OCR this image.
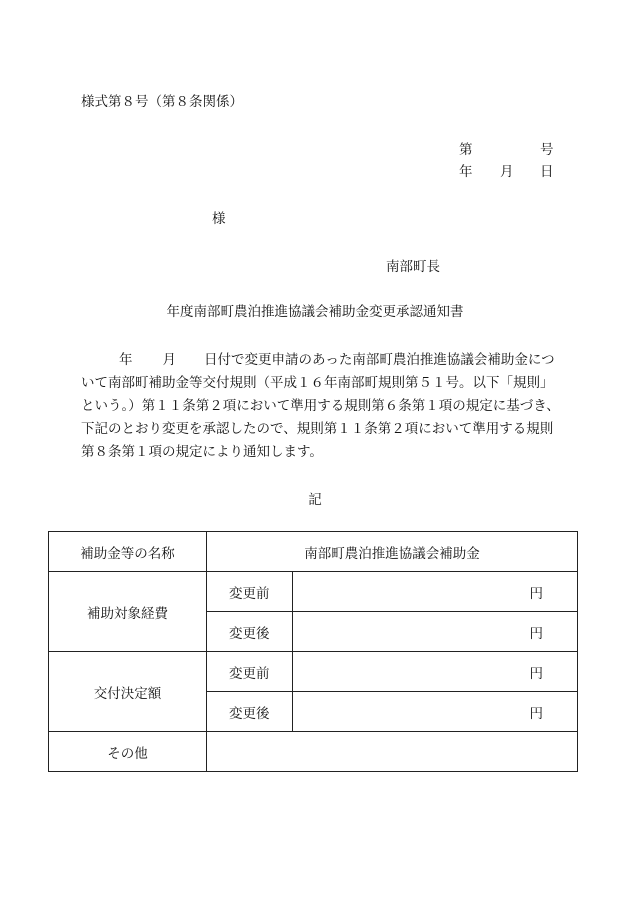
様式第８号（第８条関係）
第	号
年 月 日
様
南部町長
年度南部町農泊推進協議会補助金変更承認通知書
年 月 日付で変更申請のあった南部町農泊推進協議会補助金につ
いて南部町補助金等交付規則（平成１６年南部町規則第５１号。以下「規則」
という。）第１１条第２項において準用する規則第６条第１項の規定に基づき、
下記のとおり変更を承認したので、規則第１１条第２項において準用する規則
第８条第１項の規定により通知します。
記
補助金等の名称	南部町農泊推進協議会補助金	
補助対象経費	変更前	円
	変更後	円
交付決定額	変更前	円
	変更後	円
その他		
